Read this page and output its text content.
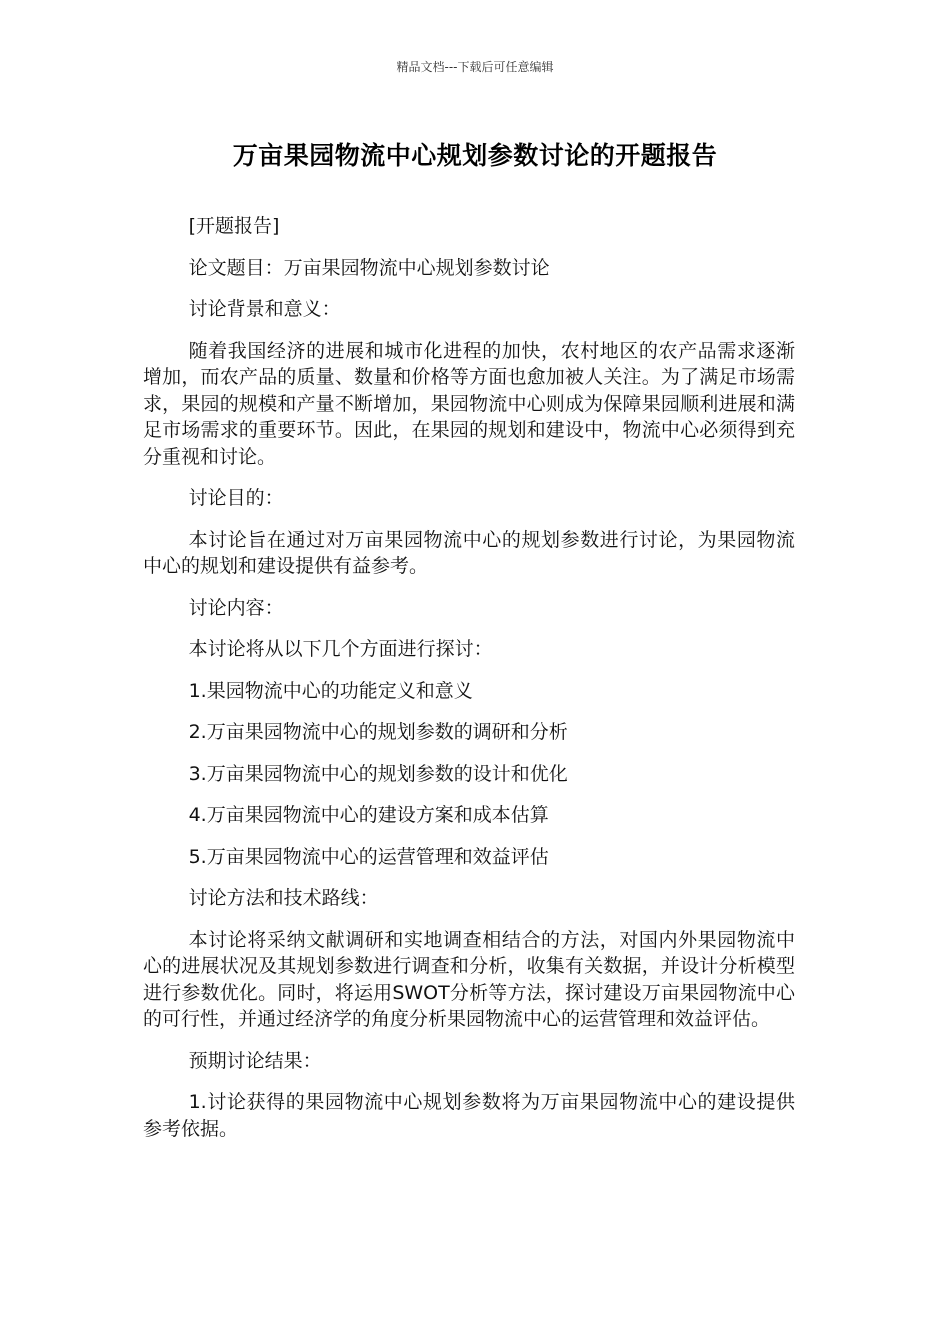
精品文档---下载后可任意编辑
万亩果园物流中心规划参数讨论的开题报告

[开题报告]

论文题目：万亩果园物流中心规划参数讨论

讨论背景和意义：

随着我国经济的进展和城市化进程的加快，农村地区的农产品需求逐渐增加，而农产品的质量、数量和价格等方面也愈加被人关注。为了满足市场需求，果园的规模和产量不断增加，果园物流中心则成为保障果园顺利进展和满足市场需求的重要环节。因此，在果园的规划和建设中，物流中心必须得到充分重视和讨论。

讨论目的：

本讨论旨在通过对万亩果园物流中心的规划参数进行讨论，为果园物流中心的规划和建设提供有益参考。

讨论内容：

本讨论将从以下几个方面进行探讨：

1.果园物流中心的功能定义和意义

2.万亩果园物流中心的规划参数的调研和分析

3.万亩果园物流中心的规划参数的设计和优化

4.万亩果园物流中心的建设方案和成本估算

5.万亩果园物流中心的运营管理和效益评估

讨论方法和技术路线：

本讨论将采纳文献调研和实地调查相结合的方法，对国内外果园物流中心的进展状况及其规划参数进行调查和分析，收集有关数据，并设计分析模型进行参数优化。同时，将运用SWOT分析等方法，探讨建设万亩果园物流中心的可行性，并通过经济学的角度分析果园物流中心的运营管理和效益评估。

预期讨论结果：

1.讨论获得的果园物流中心规划参数将为万亩果园物流中心的建设提供参考依据。
